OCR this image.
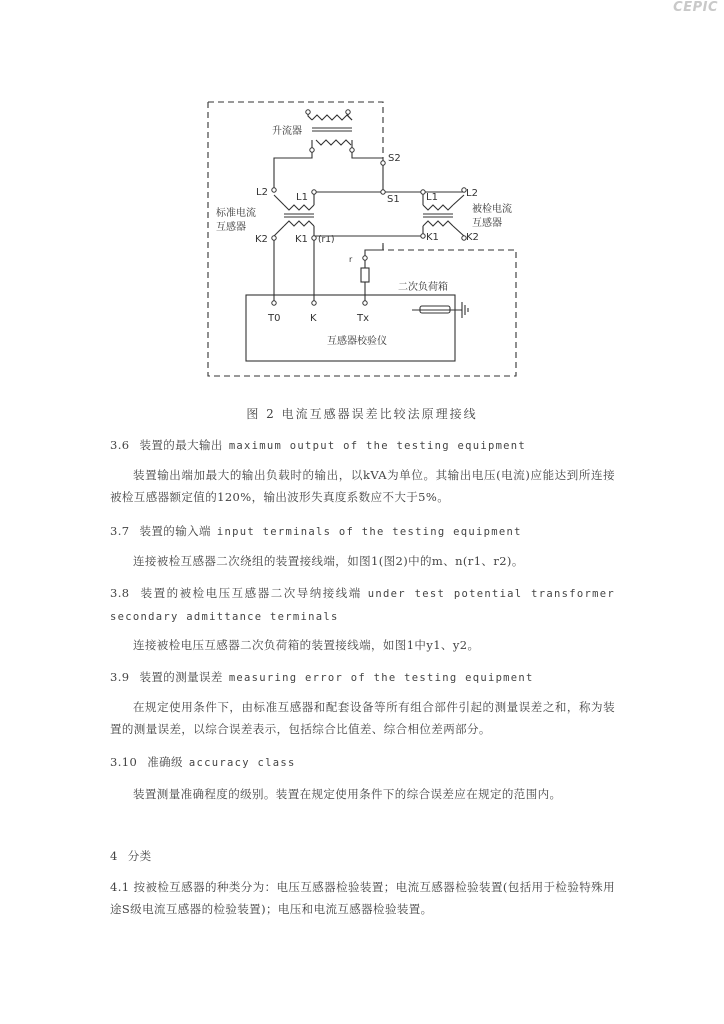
CEPIC
升流器
S2
L2	L1	S1	L1	L2
标准电流
互感器
被检电流
互感器
K2	K1 (r1)	K1	K2
r
二次负荷箱
T0	K	Tx
互感器校验仪
图 2 电流互感器误差比较法原理接线
3.6 装置的最大输出 maximum output of the testing equipment
装置输出端加最大的输出负载时的输出，以kVA为单位。其输出电压(电流)应能达到所连接被检互感器额定值的120%，输出波形失真度系数应不大于5%。
3.7 装置的输入端 input terminals of the testing equipment
连接被检互感器二次绕组的装置接线端，如图1(图2)中的m、n(r1、r2)。
3.8 装置的被检电压互感器二次导纳接线端 under test potential transformer secondary admittance terminals
连接被检电压互感器二次负荷箱的装置接线端，如图1中y1、y2。
3.9 装置的测量误差 measuring error of the testing equipment
在规定使用条件下，由标准互感器和配套设备等所有组合部件引起的测量误差之和，称为装置的测量误差，以综合误差表示，包括综合比值差、综合相位差两部分。
3.10 准确级 accuracy class
装置测量准确程度的级别。装置在规定使用条件下的综合误差应在规定的范围内。
4 分类
4.1 按被检互感器的种类分为：电压互感器检验装置；电流互感器检验装置(包括用于检验特殊用途S级电流互感器的检验装置)；电压和电流互感器检验装置。
